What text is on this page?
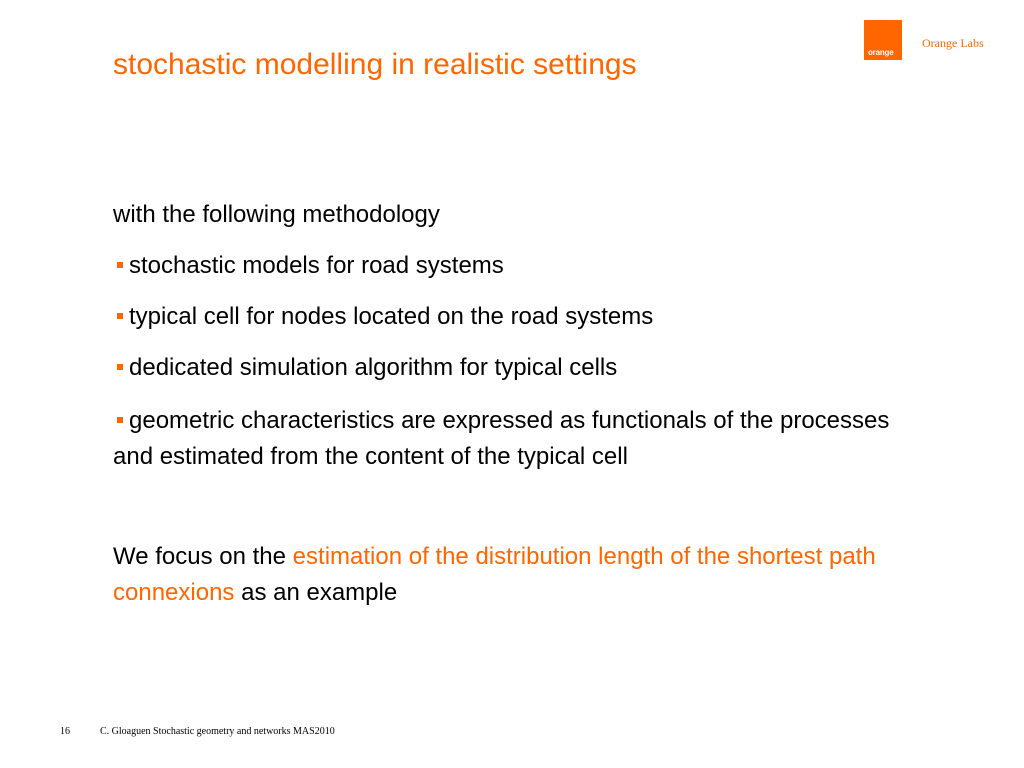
orange
Orange Labs
stochastic modelling in realistic settings
with the following methodology
stochastic models for road systems
typical cell for nodes located on the road systems
dedicated simulation algorithm for typical cells
geometric characteristics are expressed as functionals of the processes and estimated from the content of the typical cell
We focus on the estimation of the distribution length of the shortest path connexions as an example
16	C. Gloaguen Stochastic geometry and networks MAS2010
